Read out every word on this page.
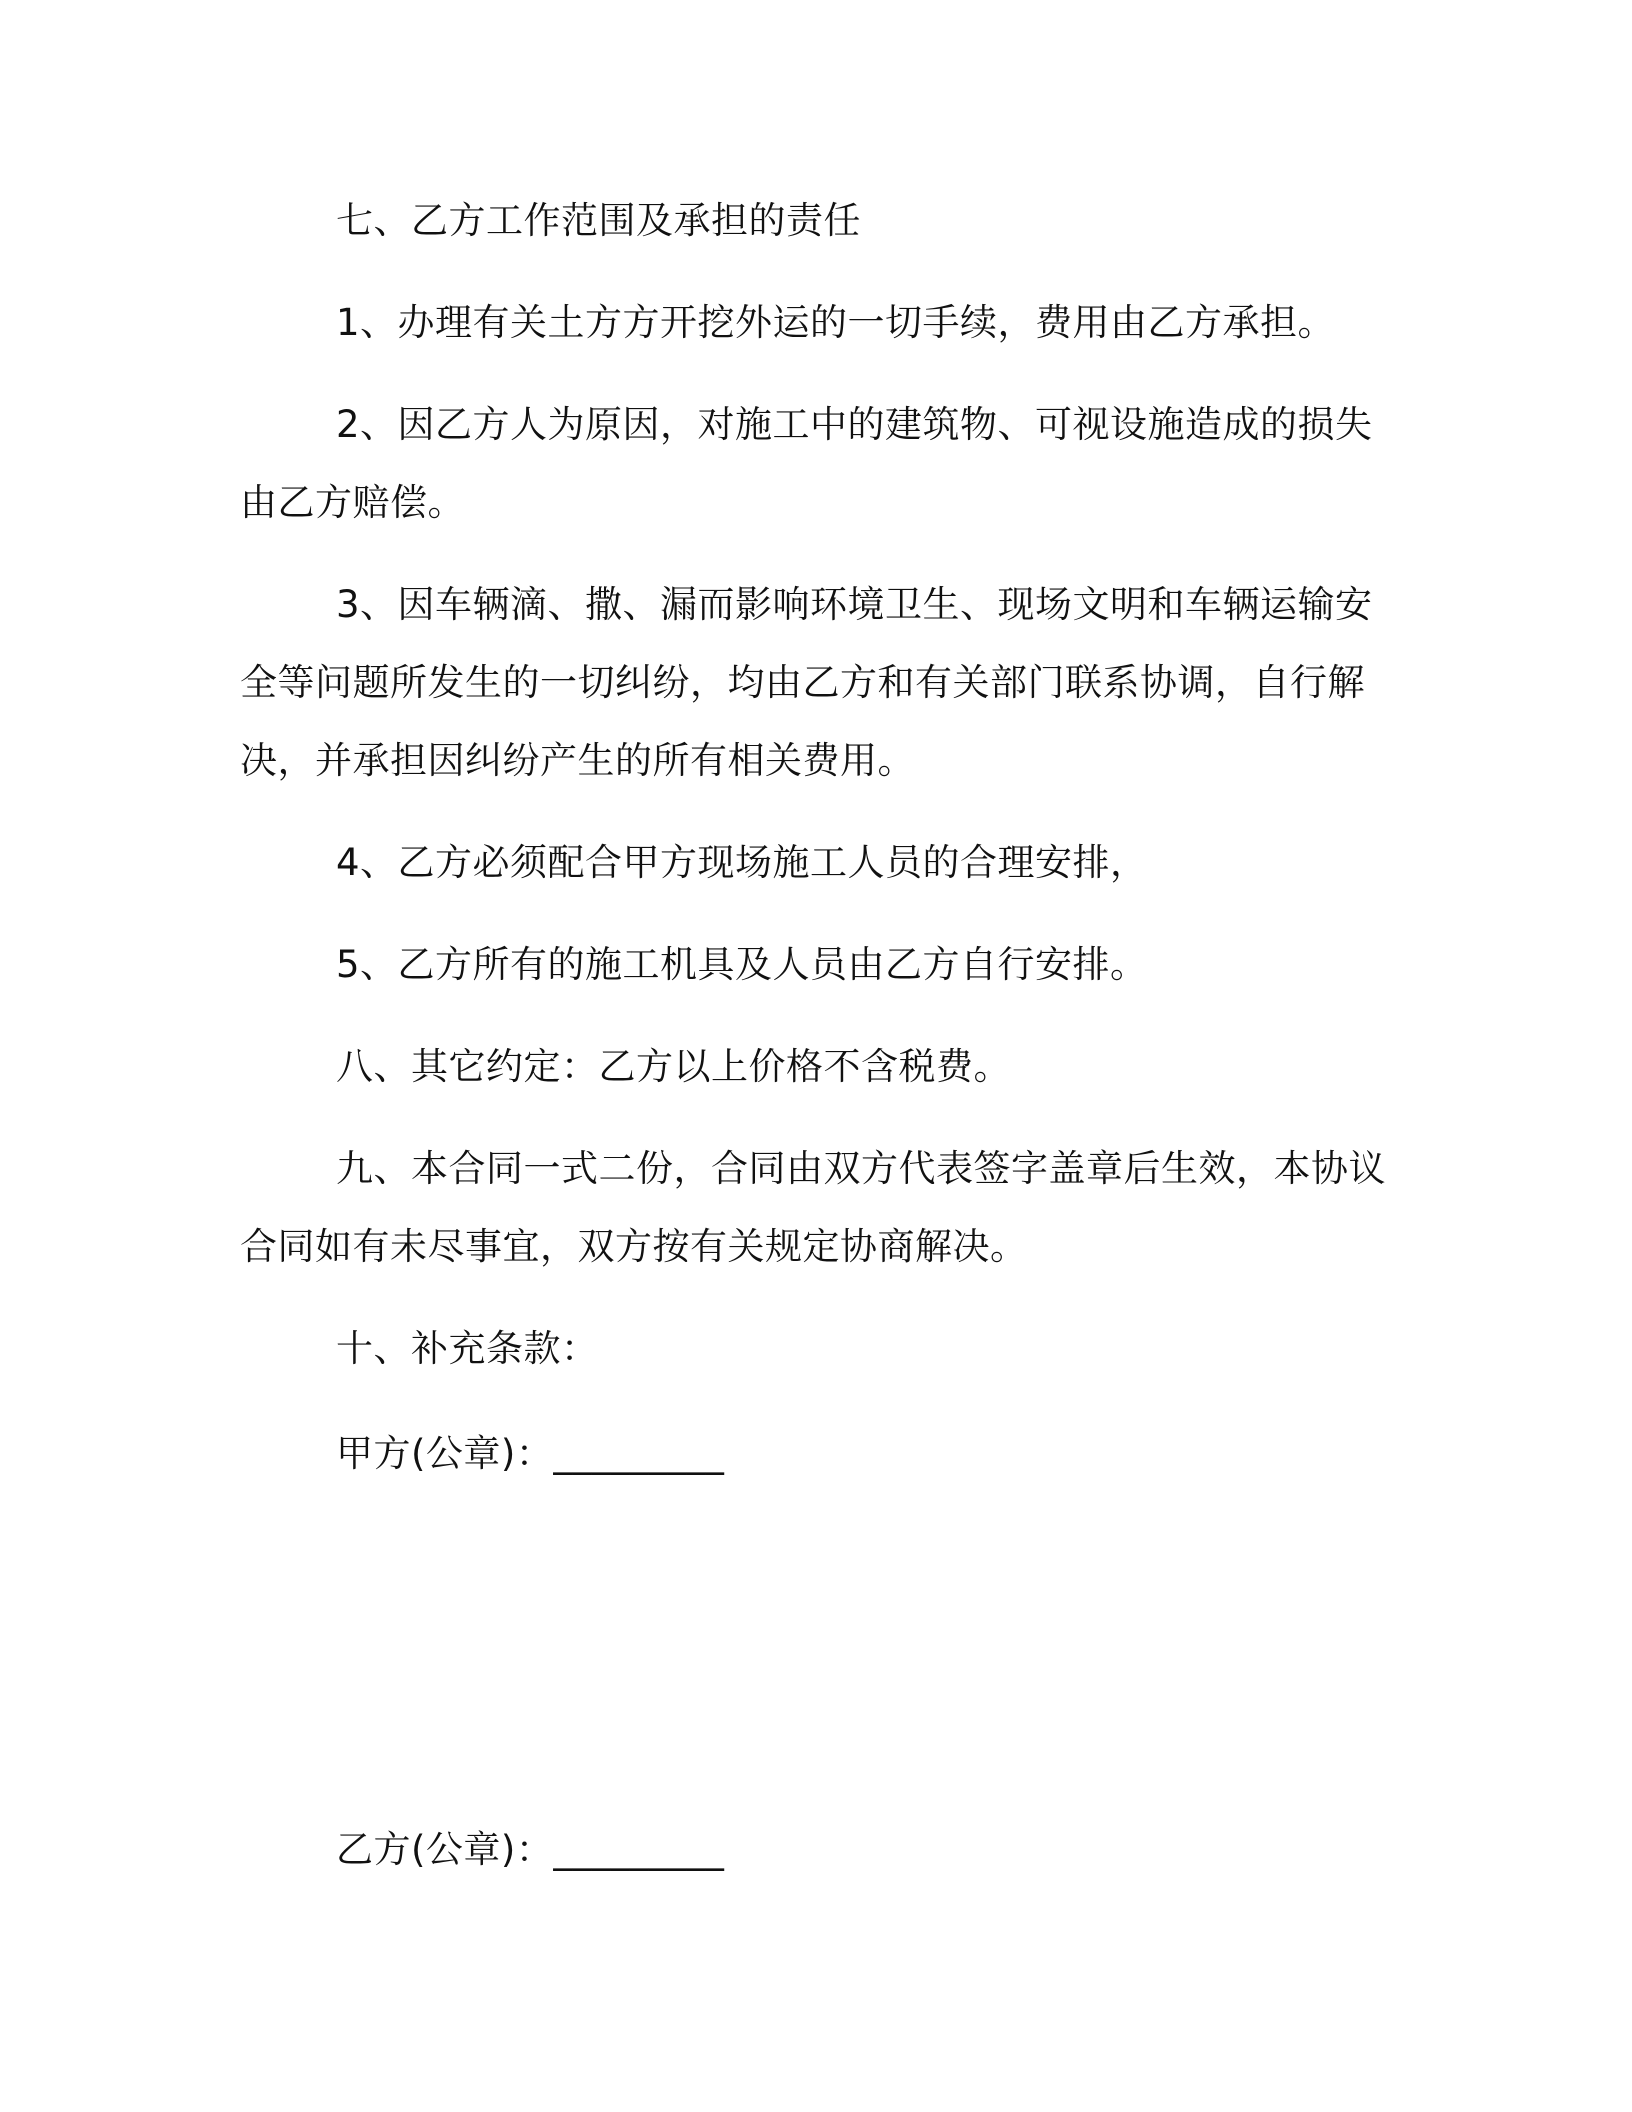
七、乙方工作范围及承担的责任

1、办理有关土方方开挖外运的一切手续，费用由乙方承担。

2、因乙方人为原因，对施工中的建筑物、可视设施造成的损失由乙方赔偿。

3、因车辆滴、撒、漏而影响环境卫生、现场文明和车辆运输安全等问题所发生的一切纠纷，均由乙方和有关部门联系协调，自行解决，并承担因纠纷产生的所有相关费用。

4、乙方必须配合甲方现场施工人员的合理安排，

5、乙方所有的施工机具及人员由乙方自行安排。

八、其它约定：乙方以上价格不含税费。

九、本合同一式二份，合同由双方代表签字盖章后生效，本协议合同如有未尽事宜，双方按有关规定协商解决。

十、补充条款：

甲方(公章)：_________

乙方(公章)：_________
